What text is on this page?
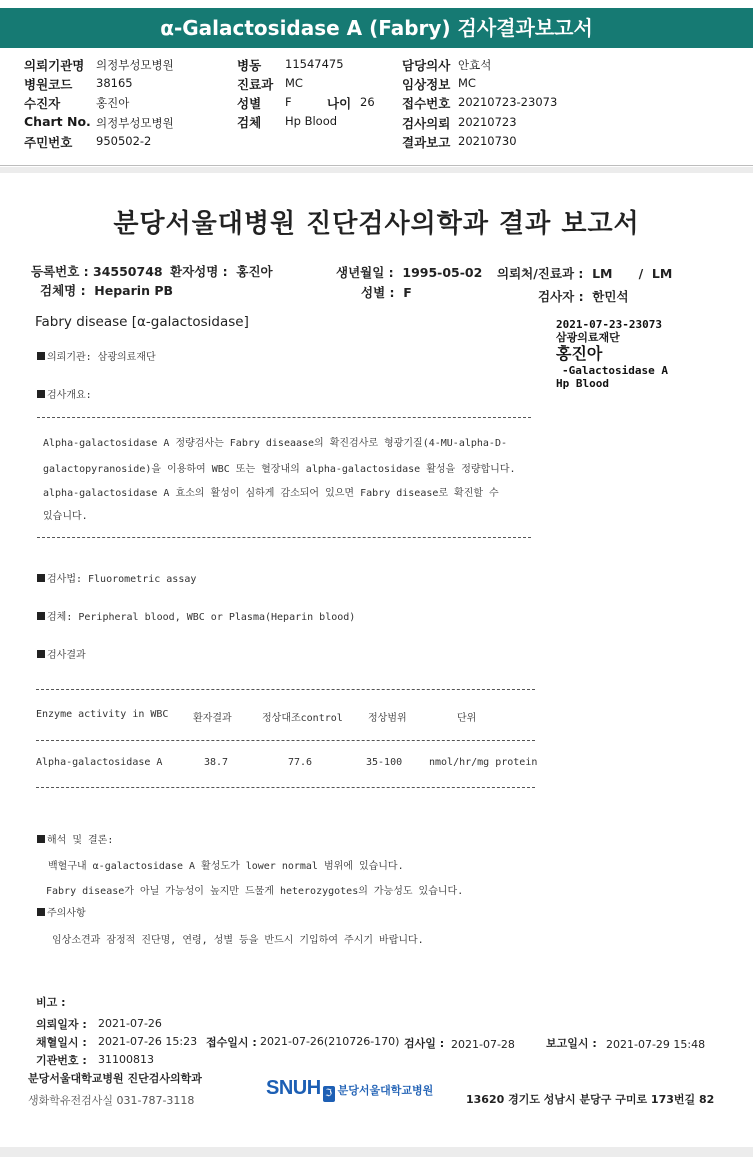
α-Galactosidase A (Fabry) 검사결과보고서
의뢰기관명 의정부성모병원
병원코드 38165
수진자	홍진아
Chart No. 의정부성모병원
주민번호 950502-2
병동 11547475
진료과 MC
성별 F	나이 26
검체 Hp Blood
담당의사 안효석
임상정보 MC
접수번호 20210723-23073
검사의뢰 20210723
결과보고 20210730
분당서울대병원 진단검사의학과 결과 보고서
등록번호 : 34550748 환자성명 : 홍진아	생년월일 : 1995-05-02 의뢰처/진료과 : LM / LM
검체명 : Heparin PB	성별 : F	검사자 : 한민석
Fabry disease [α-galactosidase]	2021-07-23-23073
삼광의료재단
홍진아
-Galactosidase A
Hp Blood
의뢰기관: 삼광의료재단
검사개요:
Alpha-galactosidase A 정량검사는 Fabry diseaase의 확진검사로 형광기질(4-MU-alpha-D-
galactopyranoside)을 이용하여 WBC 또는 혈장내의 alpha-galactosidase 활성을 정량합니다.
alpha-galactosidase A 효소의 활성이 심하게 감소되어 있으면 Fabry disease로 확진할 수
있습니다.
검사법: Fluorometric assay
검체: Peripheral blood, WBC or Plasma(Heparin blood)
검사결과
Enzyme activity in WBC 환자결과	정상대조control	정상범위	단위
Alpha-galactosidase A	38.7	77.6	35-100	nmol/hr/mg protein
해석 및 결론:
백혈구내 α-galactosidase A 활성도가 lower normal 범위에 있습니다.
Fabry disease가 아닐 가능성이 높지만 드물게 heterozygotes의 가능성도 있습니다.
주의사항
임상소견과 잠정적 진단명, 연령, 성별 등을 반드시 기입하여 주시기 바랍니다.
비고 :
의뢰일자 : 2021-07-26
채혈일시 : 2021-07-26 15:23 접수일시 : 2021-07-26(210726-170) 검사일 : 2021-07-28	보고일시 : 2021-07-29 15:48
기관번호 : 31100813
분당서울대학교병원 진단검사의학과
생화학유전검사실 031-787-3118
SNUH ℑ 분당서울대학교병원
13620 경기도 성남시 분당구 구미로 173번길 82
